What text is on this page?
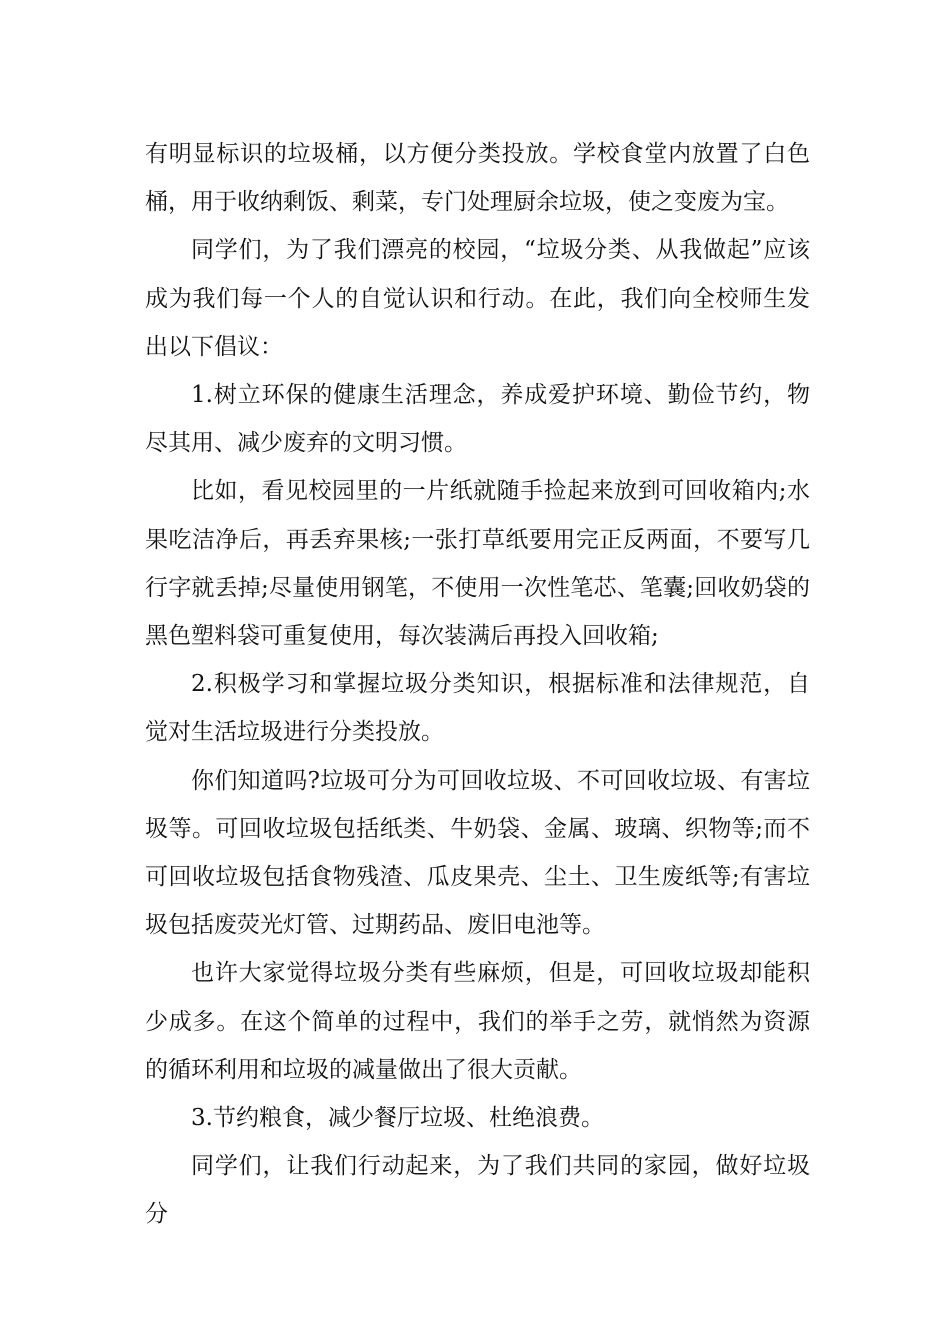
有明显标识的垃圾桶，以方便分类投放。学校食堂内放置了白色桶，用于收纳剩饭、剩菜，专门处理厨余垃圾，使之变废为宝。

同学们，为了我们漂亮的校园，“垃圾分类、从我做起”应该成为我们每一个人的自觉认识和行动。在此，我们向全校师生发出以下倡议：

1.树立环保的健康生活理念，养成爱护环境、勤俭节约，物尽其用、减少废弃的文明习惯。

比如，看见校园里的一片纸就随手捡起来放到可回收箱内;水果吃洁净后，再丢弃果核;一张打草纸要用完正反两面，不要写几行字就丢掉;尽量使用钢笔，不使用一次性笔芯、笔囊;回收奶袋的黑色塑料袋可重复使用，每次装满后再投入回收箱;

2.积极学习和掌握垃圾分类知识，根据标准和法律规范，自觉对生活垃圾进行分类投放。

你们知道吗?垃圾可分为可回收垃圾、不可回收垃圾、有害垃圾等。可回收垃圾包括纸类、牛奶袋、金属、玻璃、织物等;而不可回收垃圾包括食物残渣、瓜皮果壳、尘土、卫生废纸等;有害垃圾包括废荧光灯管、过期药品、废旧电池等。

也许大家觉得垃圾分类有些麻烦，但是，可回收垃圾却能积少成多。在这个简单的过程中，我们的举手之劳，就悄然为资源的循环利用和垃圾的减量做出了很大贡献。

3.节约粮食，减少餐厅垃圾、杜绝浪费。

同学们，让我们行动起来，为了我们共同的家园，做好垃圾分
